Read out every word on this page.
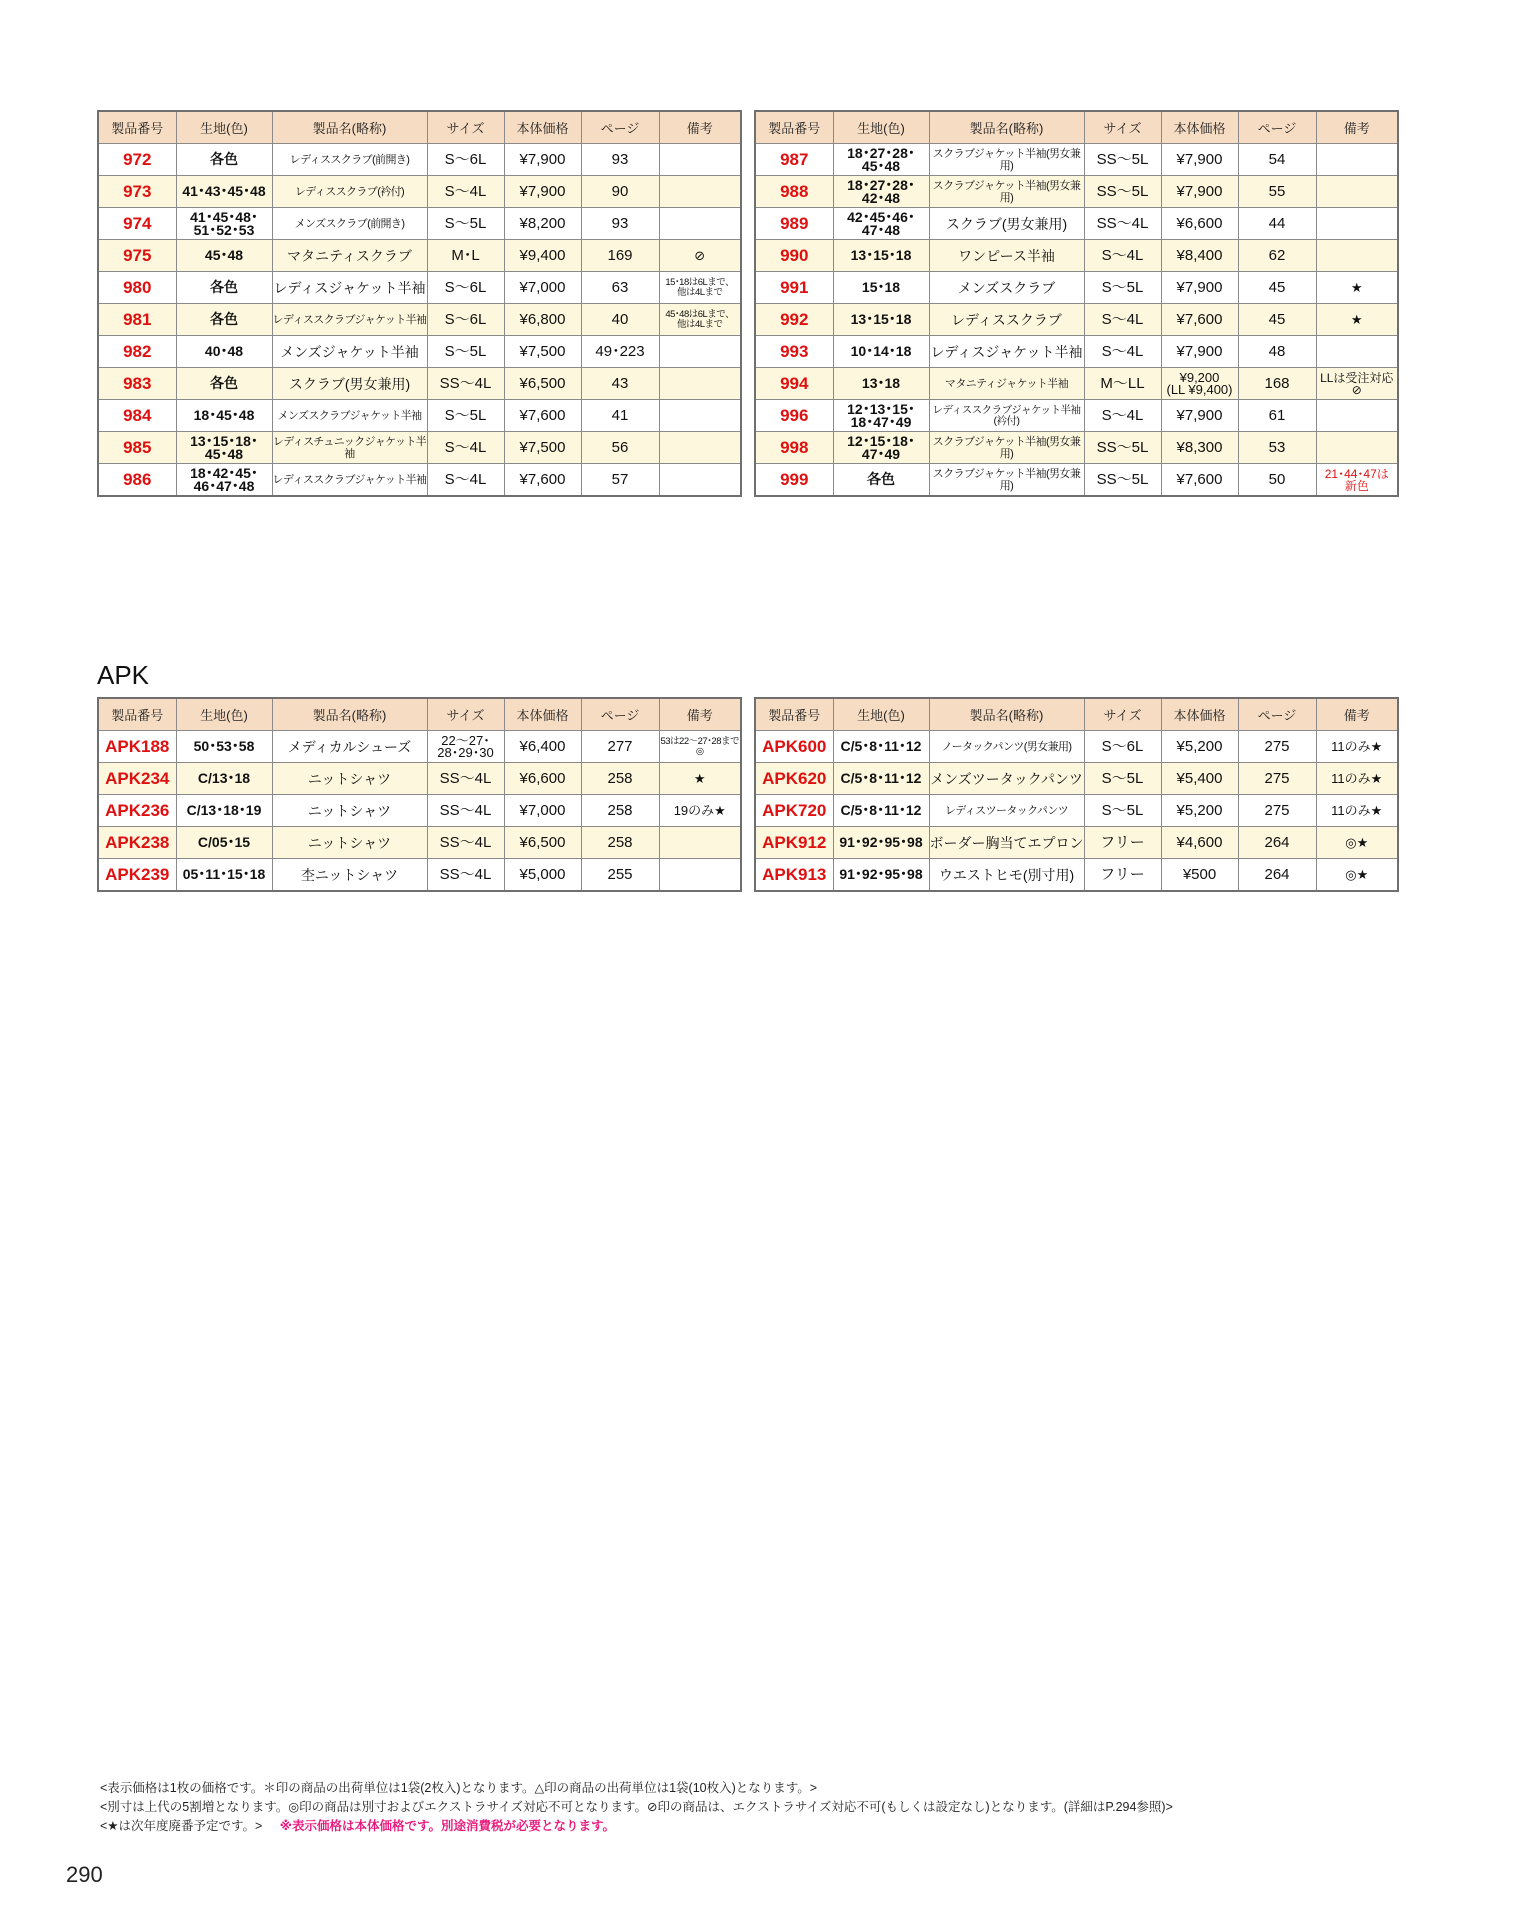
製品番号	生地(色)	製品名(略称)	サイズ	本体価格	ページ	備考
972	各色	レディススクラブ(前開き)	S～6L	¥7,900	93	
973	41･43･45･48	レディススクラブ(衿付)	S～4L	¥7,900	90	
974	41･45･48･
51･52･53	メンズスクラブ(前開き)	S～5L	¥8,200	93	
975	45･48	マタニティスクラブ	M･L	¥9,400	169	⊘
980	各色	レディスジャケット半袖	S～6L	¥7,000	63	15･18は6Lまで、
他は4Lまで
981	各色	レディススクラブジャケット半袖	S～6L	¥6,800	40	45･48は6Lまで、
他は4Lまで
982	40･48	メンズジャケット半袖	S～5L	¥7,500	49･223	
983	各色	スクラブ(男女兼用)	SS～4L	¥6,500	43	
984	18･45･48	メンズスクラブジャケット半袖	S～5L	¥7,600	41	
985	13･15･18･
45･48	レディスチュニックジャケット半袖	S～4L	¥7,500	56	
986	18･42･45･
46･47･48	レディススクラブジャケット半袖	S～4L	¥7,600	57	
製品番号	生地(色)	製品名(略称)	サイズ	本体価格	ページ	備考
987	18･27･28･
45･48	スクラブジャケット半袖(男女兼用)	SS～5L	¥7,900	54	
988	18･27･28･
42･48	スクラブジャケット半袖(男女兼用)	SS～5L	¥7,900	55	
989	42･45･46･
47･48	スクラブ(男女兼用)	SS～4L	¥6,600	44	
990	13･15･18	ワンピース半袖	S～4L	¥8,400	62	
991	15･18	メンズスクラブ	S～5L	¥7,900	45	★
992	13･15･18	レディススクラブ	S～4L	¥7,600	45	★
993	10･14･18	レディスジャケット半袖	S～4L	¥7,900	48	
994	13･18	マタニティジャケット半袖	M～LL	¥9,200
(LL ¥9,400)	168	LLは受注対応
⊘
996	12･13･15･
18･47･49	レディススクラブジャケット半袖
(衿付)	S～4L	¥7,900	61	
998	12･15･18･
47･49	スクラブジャケット半袖(男女兼用)	SS～5L	¥8,300	53	
999	各色	スクラブジャケット半袖(男女兼用)	SS～5L	¥7,600	50	21･44･47は
新色
APK
製品番号	生地(色)	製品名(略称)	サイズ	本体価格	ページ	備考
APK188	50･53･58	メディカルシューズ	22～27･
28･29･30	¥6,400	277	53は22～27･28まで
◎
APK234	C/13･18	ニットシャツ	SS～4L	¥6,600	258	★
APK236	C/13･18･19	ニットシャツ	SS～4L	¥7,000	258	19のみ★
APK238	C/05･15	ニットシャツ	SS～4L	¥6,500	258	
APK239	05･11･15･18	杢ニットシャツ	SS～4L	¥5,000	255	
製品番号	生地(色)	製品名(略称)	サイズ	本体価格	ページ	備考
APK600	C/5･8･11･12	ノータックパンツ(男女兼用)	S～6L	¥5,200	275	11のみ★
APK620	C/5･8･11･12	メンズツータックパンツ	S～5L	¥5,400	275	11のみ★
APK720	C/5･8･11･12	レディスツータックパンツ	S～5L	¥5,200	275	11のみ★
APK912	91･92･95･98	ボーダー胸当てエプロン	フリー	¥4,600	264	◎★
APK913	91･92･95･98	ウエストヒモ(別寸用)	フリー	¥500	264	◎★
<表示価格は1枚の価格です。＊印の商品の出荷単位は1袋(2枚入)となります。△印の商品の出荷単位は1袋(10枚入)となります。>
<別寸は上代の5割増となります。◎印の商品は別寸およびエクストラサイズ対応不可となります。⊘印の商品は、エクストラサイズ対応不可(もしくは設定なし)となります。(詳細はP.294参照)>
<★は次年度廃番予定です。> ※表示価格は本体価格です。別途消費税が必要となります。
290
